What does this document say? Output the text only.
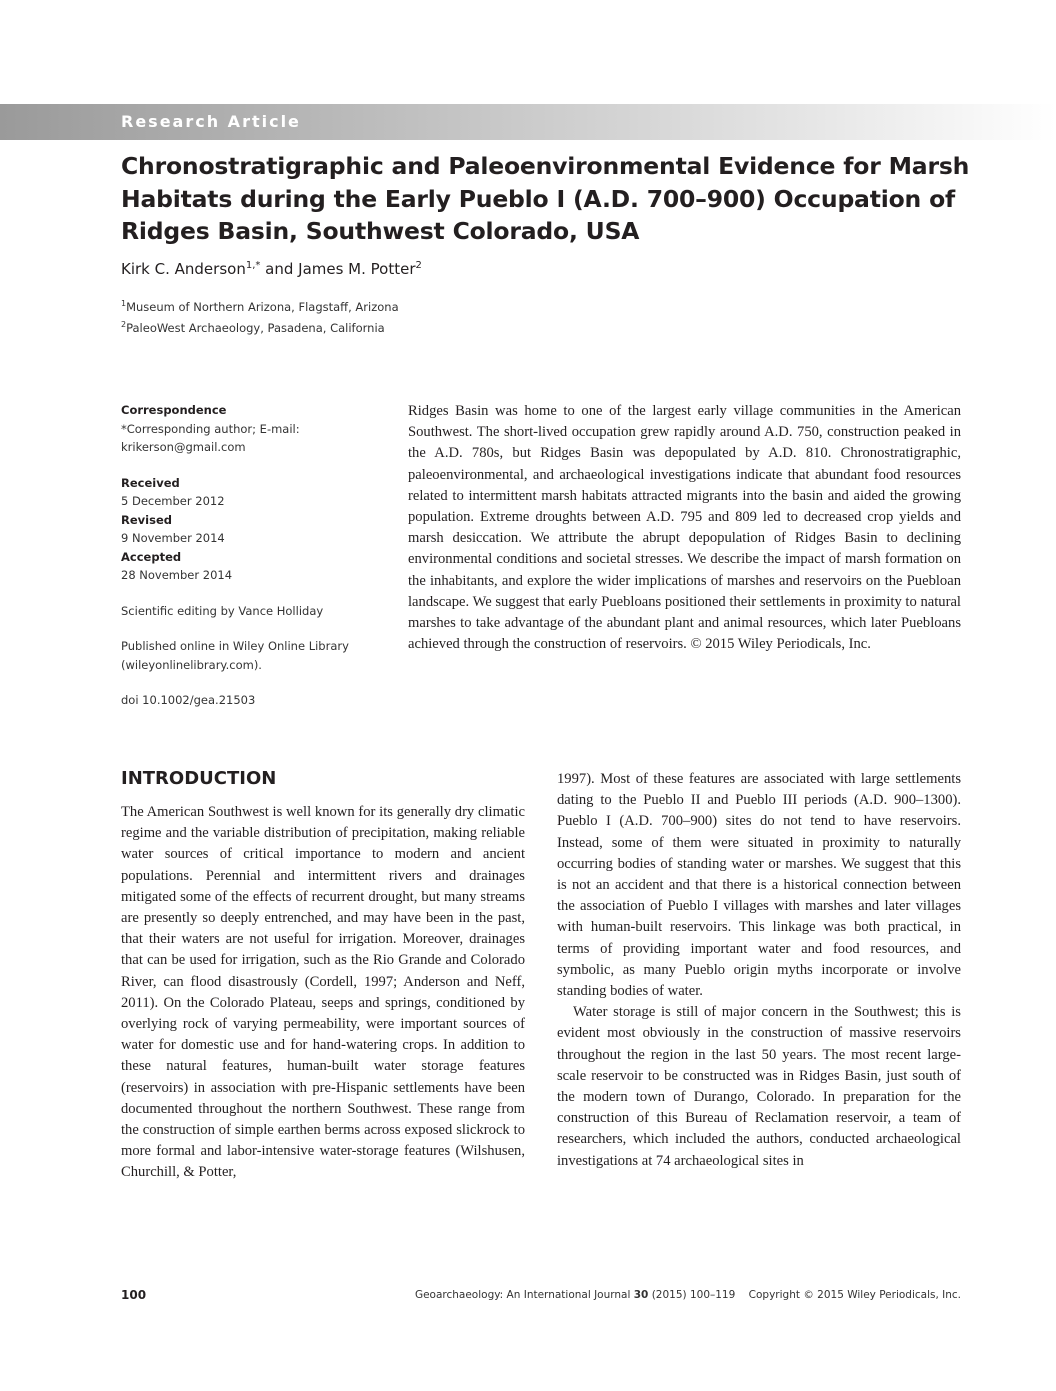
Research Article
Chronostratigraphic and Paleoenvironmental Evidence for Marsh Habitats during the Early Pueblo I (A.D. 700–900) Occupation of Ridges Basin, Southwest Colorado, USA
Kirk C. Anderson$^{1,*}$ and James M. Potter$^2$
$^1$Museum of Northern Arizona, Flagstaff, Arizona
$^2$PaleoWest Archaeology, Pasadena, California
Correspondence
*Corresponding author; E-mail:
krikerson@gmail.com
Received
5 December 2012
Revised
9 November 2014
Accepted
28 November 2014
Scientific editing by Vance Holliday
Published online in Wiley Online Library
(wileyonlinelibrary.com).
doi 10.1002/gea.21503

Ridges Basin was home to one of the largest early village communities in the American Southwest. The short-lived occupation grew rapidly around A.D. 750, construction peaked in the A.D. 780s, but Ridges Basin was depopulated by A.D. 810. Chronostratigraphic, paleoenvironmental, and archaeological investigations indicate that abundant food resources related to intermittent marsh habitats attracted migrants into the basin and aided the growing population. Extreme droughts between A.D. 795 and 809 led to decreased crop yields and marsh desiccation. We attribute the abrupt depopulation of Ridges Basin to declining environmental conditions and societal stresses. We describe the impact of marsh formation on the inhabitants, and explore the wider implications of marshes and reservoirs on the Puebloan landscape. We suggest that early Puebloans positioned their settlements in proximity to natural marshes to take advantage of the abundant plant and animal resources, which later Puebloans achieved through the construction of reservoirs. © 2015 Wiley Periodicals, Inc.

INTRODUCTION

The American Southwest is well known for its generally dry climatic regime and the variable distribution of precipitation, making reliable water sources of critical importance to modern and ancient populations. Perennial and intermittent rivers and drainages mitigated some of the effects of recurrent drought, but many streams are presently so deeply entrenched, and may have been in the past, that their waters are not useful for irrigation. Moreover, drainages that can be used for irrigation, such as the Rio Grande and Colorado River, can flood disastrously (Cordell, 1997; Anderson and Neff, 2011). On the Colorado Plateau, seeps and springs, conditioned by overlying rock of varying permeability, were important sources of water for domestic use and for hand-watering crops. In addition to these natural features, human-built water storage features (reservoirs) in association with pre-Hispanic settlements have been documented throughout the northern Southwest. These range from the construction of simple earthen berms across exposed slickrock to more formal and labor-intensive water-storage features (Wilshusen, Churchill, & Potter,

1997). Most of these features are associated with large settlements dating to the Pueblo II and Pueblo III periods (A.D. 900–1300). Pueblo I (A.D. 700–900) sites do not tend to have reservoirs. Instead, some of them were situated in proximity to naturally occurring bodies of standing water or marshes. We suggest that this is not an accident and that there is a historical connection between the association of Pueblo I villages with marshes and later villages with human-built reservoirs. This linkage was both practical, in terms of providing important water and food resources, and symbolic, as many Pueblo origin myths incorporate or involve standing bodies of water.

Water storage is still of major concern in the Southwest; this is evident most obviously in the construction of massive reservoirs throughout the region in the last 50 years. The most recent large-scale reservoir to be constructed was in Ridges Basin, just south of the modern town of Durango, Colorado. In preparation for the construction of this Bureau of Reclamation reservoir, a team of researchers, which included the authors, conducted archaeological investigations at 74 archaeological sites in

100	Geoarchaeology: An International Journal 30 (2015) 100–119 Copyright © 2015 Wiley Periodicals, Inc.
